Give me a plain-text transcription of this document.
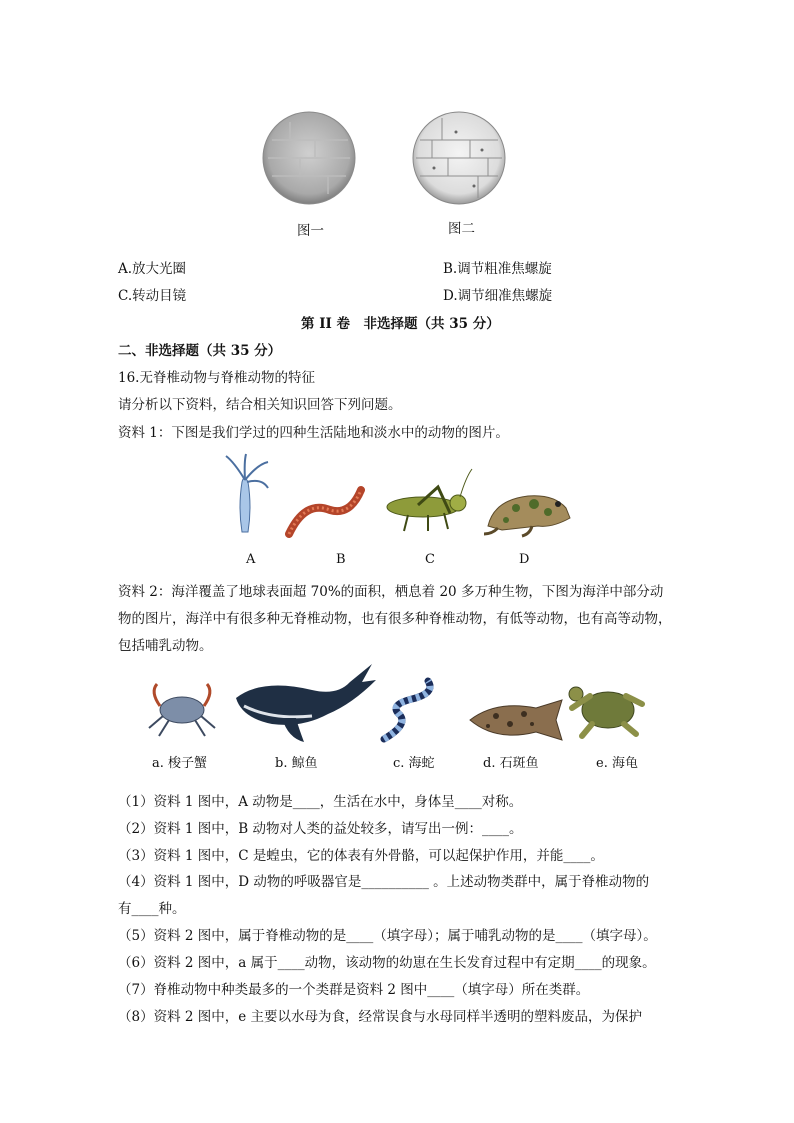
图一	图二
A.放大光圈	B.调节粗准焦螺旋
C.转动目镜	D.调节细准焦螺旋
第 II 卷　非选择题（共 35 分）
二、非选择题（共 35 分）
16.无脊椎动物与脊椎动物的特征
请分析以下资料，结合相关知识回答下列问题。
资料 1：下图是我们学过的四种生活陆地和淡水中的动物的图片。
A	B	C	D
资料 2：海洋覆盖了地球表面超 70%的面积，栖息着 20 多万种生物，下图为海洋中部分动
物的图片，海洋中有很多种无脊椎动物，也有很多种脊椎动物，有低等动物，也有高等动物，
包括哺乳动物。
a. 梭子蟹	b. 鲸鱼	c. 海蛇	d. 石斑鱼	e. 海龟
（1）资料 1 图中，A 动物是____，生活在水中，身体呈____对称。
（2）资料 1 图中，B 动物对人类的益处较多，请写出一例：____。
（3）资料 1 图中，C 是蝗虫，它的体表有外骨骼，可以起保护作用，并能____。
（4）资料 1 图中，D 动物的呼吸器官是__________ 。上述动物类群中，属于脊椎动物的
有____种。
（5）资料 2 图中，属于脊椎动物的是____（填字母）；属于哺乳动物的是____（填字母）。
（6）资料 2 图中，a 属于____动物，该动物的幼崽在生长发育过程中有定期____的现象。
（7）脊椎动物中种类最多的一个类群是资料 2 图中____（填字母）所在类群。
（8）资料 2 图中，e 主要以水母为食，经常误食与水母同样半透明的塑料废品，为保护
